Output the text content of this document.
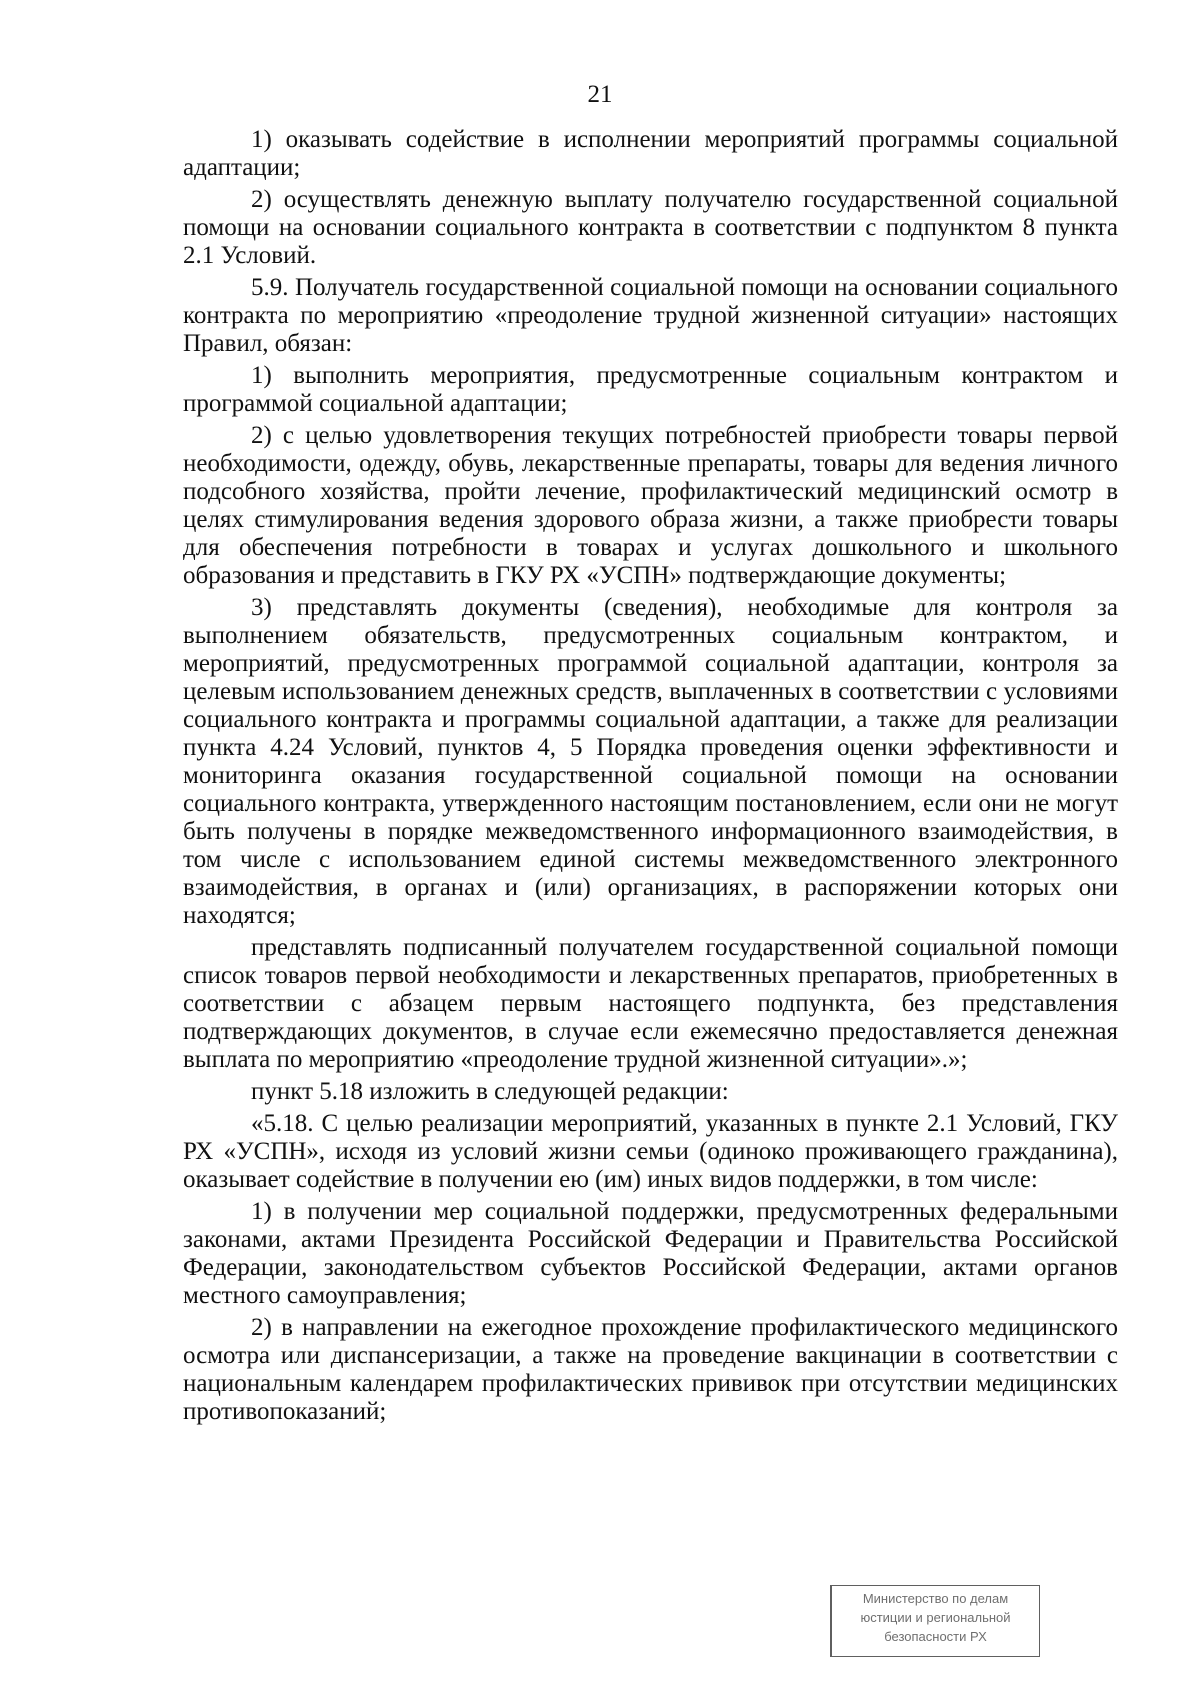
21

1) оказывать содействие в исполнении мероприятий программы социальной адаптации;

2) осуществлять денежную выплату получателю государственной социальной помощи на основании социального контракта в соответствии с подпунктом 8 пункта 2.1 Условий.

5.9. Получатель государственной социальной помощи на основании социального контракта по мероприятию «преодоление трудной жизненной ситуации» настоящих Правил, обязан:

1) выполнить мероприятия, предусмотренные социальным контрактом и программой социальной адаптации;

2) с целью удовлетворения текущих потребностей приобрести товары первой необходимости, одежду, обувь, лекарственные препараты, товары для ведения личного подсобного хозяйства, пройти лечение, профилактический медицинский осмотр в целях стимулирования ведения здорового образа жизни, а также приобрести товары для обеспечения потребности в товарах и услугах дошкольного и школьного образования и представить в ГКУ РХ «УСПН» подтверждающие документы;

3) представлять документы (сведения), необходимые для контроля за выполнением обязательств, предусмотренных социальным контрактом, и мероприятий, предусмотренных программой социальной адаптации, контроля за целевым использованием денежных средств, выплаченных в соответствии с условиями социального контракта и программы социальной адаптации, а также для реализации пункта 4.24 Условий, пунктов 4, 5 Порядка проведения оценки эффективности и мониторинга оказания государственной социальной помощи на основании социального контракта, утвержденного настоящим постановлением, если они не могут быть получены в порядке межведомственного информационного взаимодействия, в том числе с использованием единой системы межведомственного электронного взаимодействия, в органах и (или) организациях, в распоряжении которых они находятся;

представлять подписанный получателем государственной социальной помощи список товаров первой необходимости и лекарственных препаратов, приобретенных в соответствии с абзацем первым настоящего подпункта, без представления подтверждающих документов, в случае если ежемесячно предоставляется денежная выплата по мероприятию «преодоление трудной жизненной ситуации».»;

пункт 5.18 изложить в следующей редакции:

«5.18. С целью реализации мероприятий, указанных в пункте 2.1 Условий, ГКУ РХ «УСПН», исходя из условий жизни семьи (одиноко проживающего гражданина), оказывает содействие в получении ею (им) иных видов поддержки, в том числе:

1) в получении мер социальной поддержки, предусмотренных федеральными законами, актами Президента Российской Федерации и Правительства Российской Федерации, законодательством субъектов Российской Федерации, актами органов местного самоуправления;

2) в направлении на ежегодное прохождение профилактического медицинского осмотра или диспансеризации, а также на проведение вакцинации в соответствии с национальным календарем профилактических прививок при отсутствии медицинских противопоказаний;

Министерство по делам
юстиции и региональной
безопасности РХ
